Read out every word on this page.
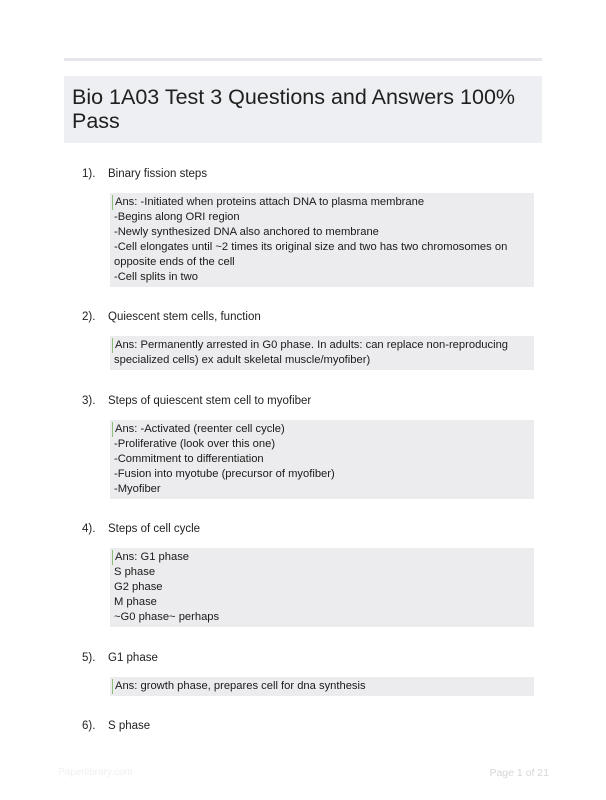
Bio 1A03 Test 3 Questions and Answers 100%
Pass
1). Binary fission steps
Ans: -Initiated when proteins attach DNA to plasma membrane
-Begins along ORI region
-Newly synthesized DNA also anchored to membrane
-Cell elongates until ~2 times its original size and two has two chromosomes on
opposite ends of the cell
-Cell splits in two
2). Quiescent stem cells, function
Ans: Permanently arrested in G0 phase. In adults: can replace non-reproducing
specialized cells) ex adult skeletal muscle/myofiber)
3). Steps of quiescent stem cell to myofiber
Ans: -Activated (reenter cell cycle)
-Proliferative (look over this one)
-Commitment to differentiation
-Fusion into myotube (precursor of myofiber)
-Myofiber
4). Steps of cell cycle
Ans: G1 phase
S phase
G2 phase
M phase
~G0 phase~ perhaps
5). G1 phase
Ans: growth phase, prepares cell for dna synthesis
6). S phase
Paperlibrary.com	Page 1 of 21
